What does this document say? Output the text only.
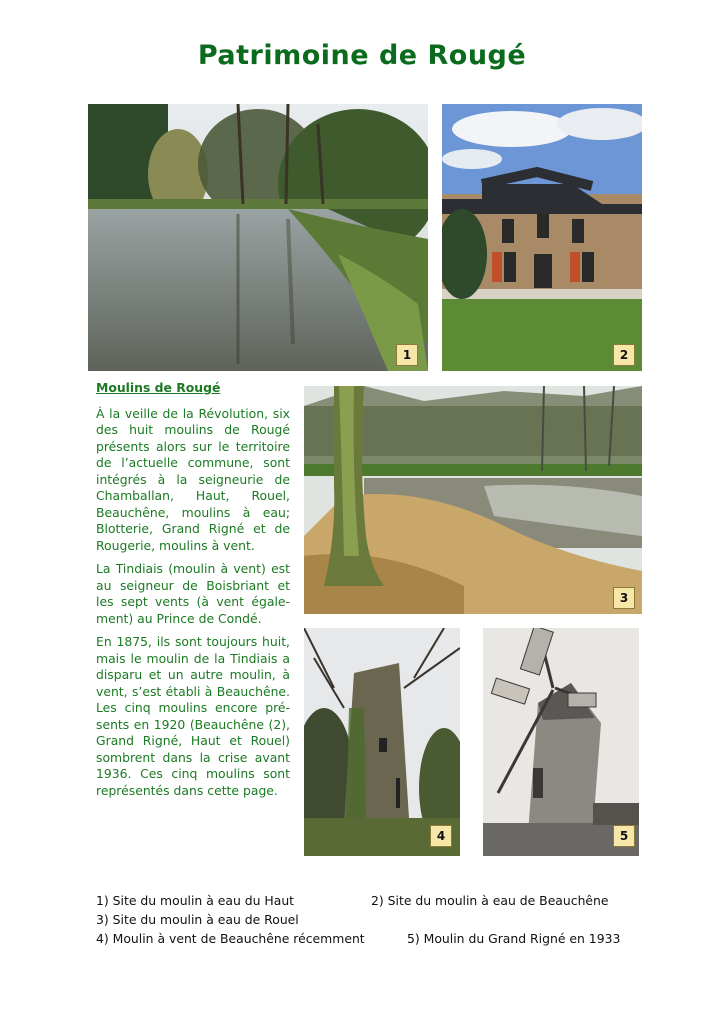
Patrimoine de Rougé
1	2
3
4	5
Moulins de Rougé

À la veille de la Révolution, six des huit moulins de Rougé présents alors sur le territoire de l’actuelle commune, sont intégrés à la seigneurie de Chamballan, Haut, Rouel, Beauchêne, moulins à eau; Blotterie, Grand Rigné et de Rougerie, moulins à vent.

La Tindiais (moulin à vent) est au seigneur de Boisbriant et les sept vents (à vent égale-ment) au Prince de Condé.

En 1875, ils sont toujours huit, mais le moulin de la Tindiais a disparu et un autre moulin, à vent, s’est établi à Beauchêne. Les cinq moulins encore pré-sents en 1920 (Beauchêne (2), Grand Rigné, Haut et Rouel) sombrent dans la crise avant 1936. Ces cinq moulins sont représentés dans cette page.

1) Site du moulin à eau du Haut	2) Site du moulin à eau de Beauchêne
3) Site du moulin à eau de Rouel
4) Moulin à vent de Beauchêne récemment	5) Moulin du Grand Rigné en 1933
